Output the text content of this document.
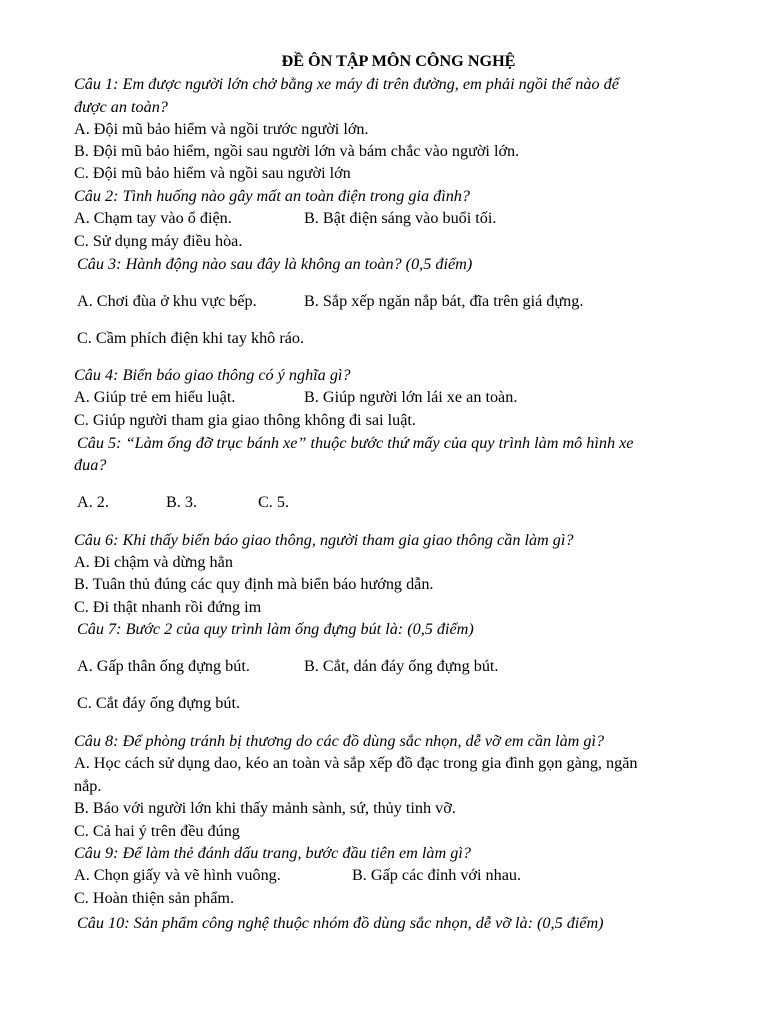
ĐỀ ÔN TẬP MÔN CÔNG NGHỆ
Câu 1: Em được người lớn chở bằng xe máy đi trên đường, em phải ngồi thế nào để
được an toàn?
A. Đội mũ bảo hiểm và ngồi trước người lớn.
B. Đội mũ bảo hiểm, ngồi sau người lớn và bám chắc vào người lớn.
C. Đội mũ bảo hiểm và ngồi sau người lớn
Câu 2: Tình huống nào gây mất an toàn điện trong gia đình?
A. Chạm tay vào ổ điện.	B. Bật điện sáng vào buổi tối.
C. Sử dụng máy điều hòa.
Câu 3: Hành động nào sau đây là không an toàn? (0,5 điểm)
A. Chơi đùa ở khu vực bếp.	B. Sắp xếp ngăn nắp bát, đĩa trên giá đựng.
C. Cầm phích điện khi tay khô ráo.
Câu 4: Biển báo giao thông có ý nghĩa gì?
A. Giúp trẻ em hiểu luật.	B. Giúp người lớn lái xe an toàn.
C. Giúp người tham gia giao thông không đi sai luật.
Câu 5: “Làm ống đỡ trục bánh xe” thuộc bước thứ mấy của quy trình làm mô hình xe
đua?
A. 2.	B. 3.	C. 5.
Câu 6: Khi thấy biển báo giao thông, người tham gia giao thông cần làm gì?
A. Đi chậm và dừng hẳn
B. Tuân thủ đúng các quy định mà biển báo hướng dẫn.
C. Đi thật nhanh rồi đứng im
Câu 7: Bước 2 của quy trình làm ống đựng bút là: (0,5 điểm)
A. Gấp thân ống đựng bút.	B. Cắt, dán đáy ống đựng bút.
C. Cắt đáy ống đựng bút.
Câu 8: Để phòng tránh bị thương do các đồ dùng sắc nhọn, dễ vỡ em cần làm gì?
A. Học cách sử dụng dao, kéo an toàn và sắp xếp đồ đạc trong gia đình gọn gàng, ngăn
nắp.
B. Báo với người lớn khi thấy mảnh sành, sứ, thủy tinh vỡ.
C. Cả hai ý trên đều đúng
Câu 9: Để làm thẻ đánh dấu trang, bước đầu tiên em làm gì?
A. Chọn giấy và vẽ hình vuông.	B. Gấp các đỉnh với nhau.
C. Hoàn thiện sản phẩm.
Câu 10: Sản phẩm công nghệ thuộc nhóm đồ dùng sắc nhọn, dễ vỡ là: (0,5 điểm)
